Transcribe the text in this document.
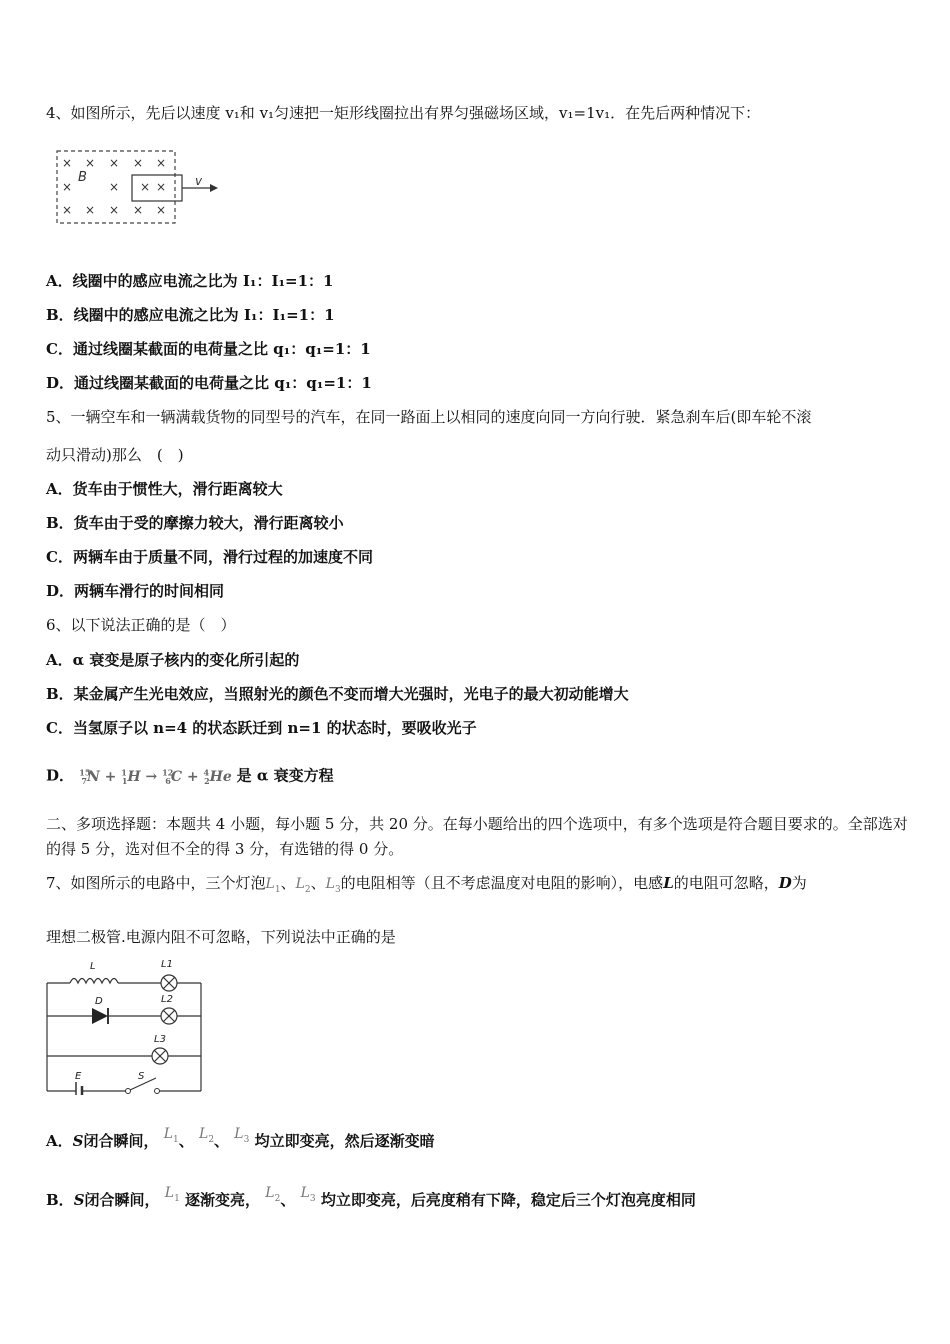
4、如图所示，先后以速度 v₁和 v₁匀速把一矩形线圈拉出有界匀强磁场区域，v₁=1v₁．在先后两种情况下：
× × × × ×
×	×
× × × × ×
× ×
B	v
A．线圈中的感应电流之比为 I₁：I₁=1：1
B．线圈中的感应电流之比为 I₁：I₁=1：1
C．通过线圈某截面的电荷量之比 q₁：q₁=1：1
D．通过线圈某截面的电荷量之比 q₁：q₁=1：1
5、一辆空车和一辆满载货物的同型号的汽车，在同一路面上以相同的速度向同一方向行驶．紧急刹车后(即车轮不滚
动只滑动)那么　(　)
A．货车由于惯性大，滑行距离较大
B．货车由于受的摩擦力较大，滑行距离较小
C．两辆车由于质量不同，滑行过程的加速度不同
D．两辆车滑行的时间相同
6、以下说法正确的是（　）
A．α 衰变是原子核内的变化所引起的
B．某金属产生光电效应，当照射光的颜色不变而增大光强时，光电子的最大初动能增大
C．当氢原子以 n=4 的状态跃迁到 n=1 的状态时，要吸收光子
D． $^{15}_7$N + $^1_1$H → $^{12}_6$C + $^4_2$He 是 α 衰变方程
二、多项选择题：本题共 4 小题，每小题 5 分，共 20 分。在每小题给出的四个选项中，有多个选项是符合题目要求的。全部选对的得 5 分，选对但不全的得 3 分，有选错的得 0 分。
7、如图所示的电路中，三个灯泡$L_1$、$L_2$、$L_3$的电阻相等（且不考虑温度对电阻的影响），电感L的电阻可忽略，D为
理想二极管.电源内阻不可忽略，下列说法中正确的是
L	L1
D	L2
L3
E	S
A．S闭合瞬间， $L_1$、 $L_2$、 $L_3$ 均立即变亮，然后逐渐变暗
B．S闭合瞬间， $L_1$ 逐渐变亮， $L_2$、 $L_3$ 均立即变亮，后亮度稍有下降，稳定后三个灯泡亮度相同
